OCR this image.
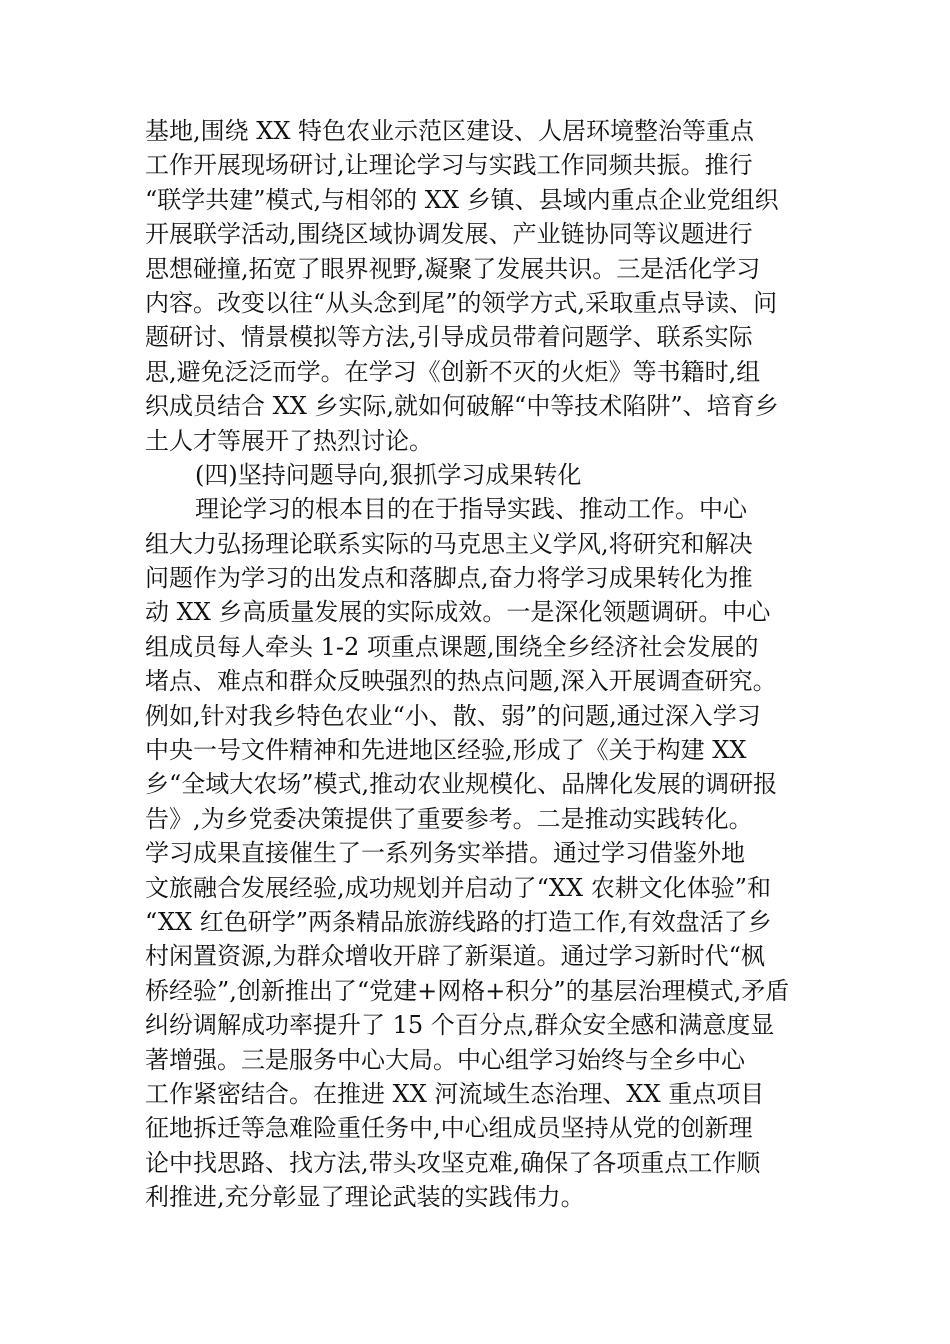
基地,围绕 XX 特色农业示范区建设、人居环境整治等重点
工作开展现场研讨,让理论学习与实践工作同频共振。推行
“联学共建”模式,与相邻的 XX 乡镇、县域内重点企业党组织
开展联学活动,围绕区域协调发展、产业链协同等议题进行
思想碰撞,拓宽了眼界视野,凝聚了发展共识。三是活化学习
内容。改变以往“从头念到尾”的领学方式,采取重点导读、问
题研讨、情景模拟等方法,引导成员带着问题学、联系实际
思,避免泛泛而学。在学习《创新不灭的火炬》等书籍时,组
织成员结合 XX 乡实际,就如何破解“中等技术陷阱”、培育乡
土人才等展开了热烈讨论。
(四)坚持问题导向,狠抓学习成果转化
理论学习的根本目的在于指导实践、推动工作。中心
组大力弘扬理论联系实际的马克思主义学风,将研究和解决
问题作为学习的出发点和落脚点,奋力将学习成果转化为推
动 XX 乡高质量发展的实际成效。一是深化领题调研。中心
组成员每人牵头 1-2 项重点课题,围绕全乡经济社会发展的
堵点、难点和群众反映强烈的热点问题,深入开展调查研究。
例如,针对我乡特色农业“小、散、弱”的问题,通过深入学习
中央一号文件精神和先进地区经验,形成了《关于构建 XX
乡“全域大农场”模式,推动农业规模化、品牌化发展的调研报
告》,为乡党委决策提供了重要参考。二是推动实践转化。
学习成果直接催生了一系列务实举措。通过学习借鉴外地
文旅融合发展经验,成功规划并启动了“XX 农耕文化体验”和
“XX 红色研学”两条精品旅游线路的打造工作,有效盘活了乡
村闲置资源,为群众增收开辟了新渠道。通过学习新时代“枫
桥经验”,创新推出了“党建+网格+积分”的基层治理模式,矛盾
纠纷调解成功率提升了 15 个百分点,群众安全感和满意度显
著增强。三是服务中心大局。中心组学习始终与全乡中心
工作紧密结合。在推进 XX 河流域生态治理、XX 重点项目
征地拆迁等急难险重任务中,中心组成员坚持从党的创新理
论中找思路、找方法,带头攻坚克难,确保了各项重点工作顺
利推进,充分彰显了理论武装的实践伟力。
